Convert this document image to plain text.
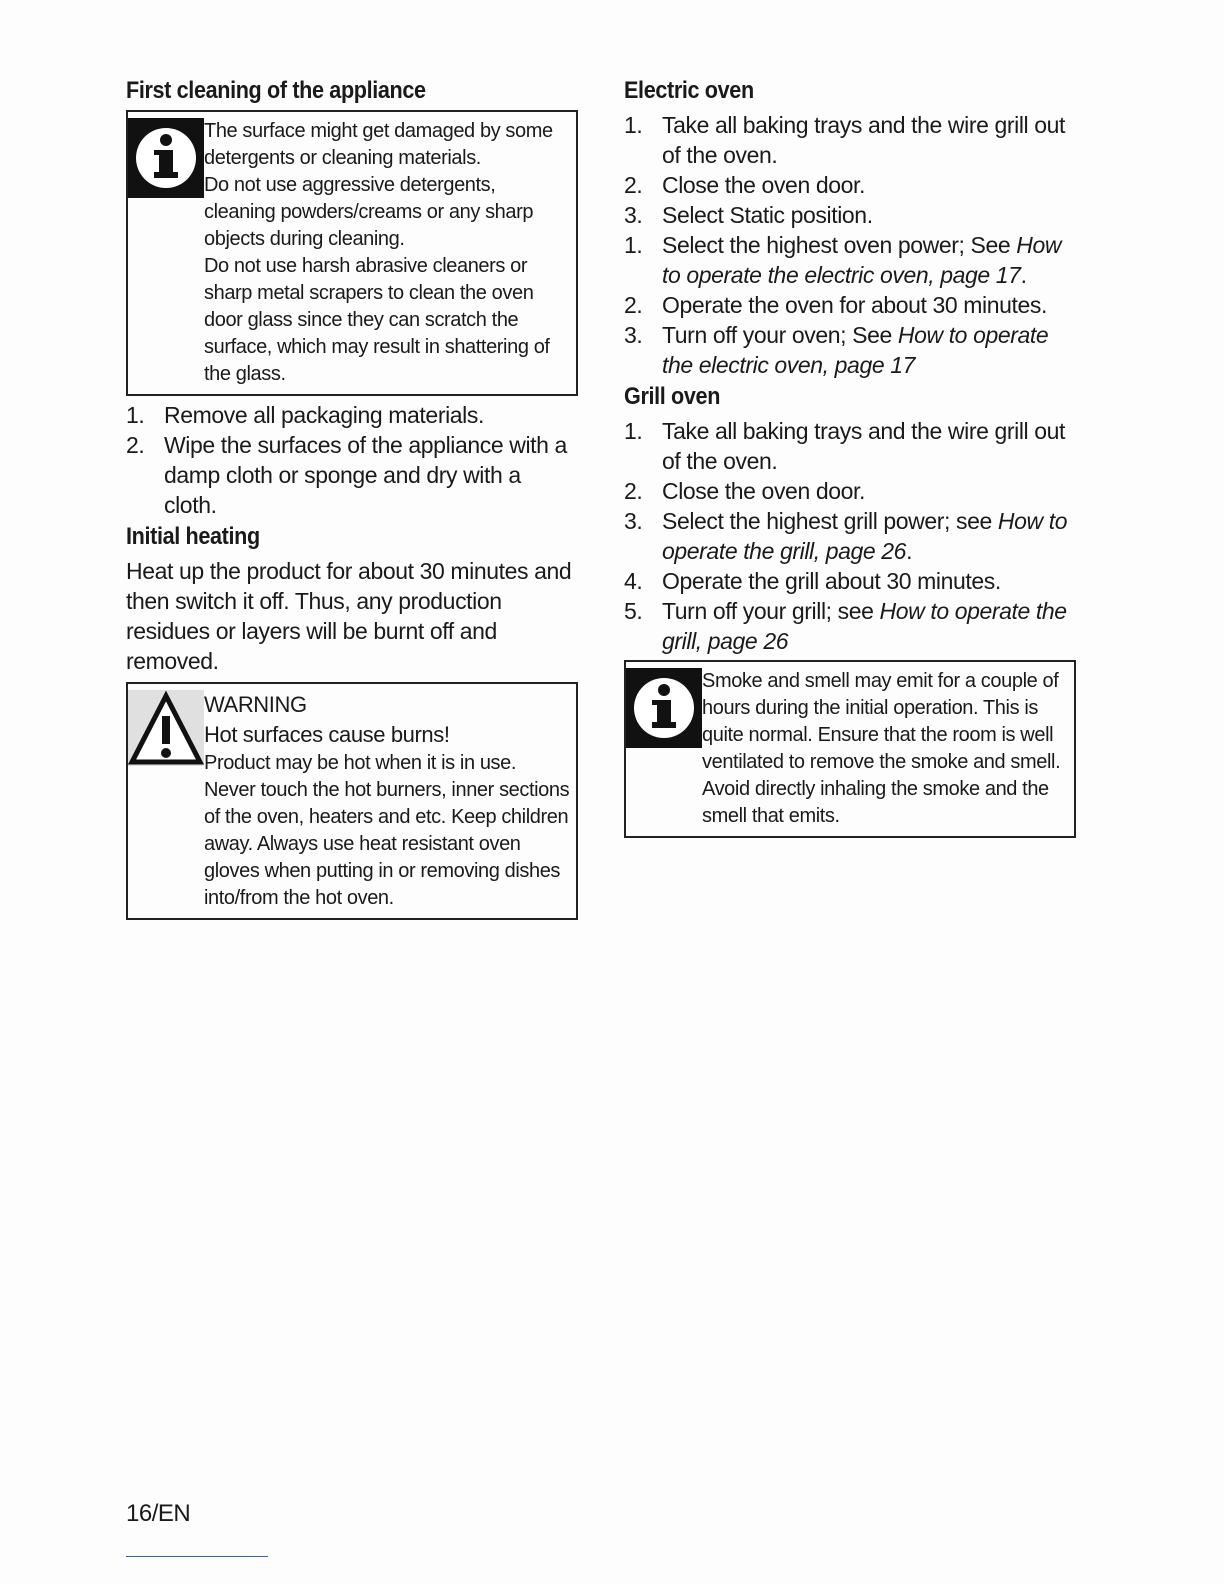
First cleaning of the appliance

The surface might get damaged by some detergents or cleaning materials.

Do not use aggressive detergents, cleaning powders/creams or any sharp objects during cleaning.

Do not use harsh abrasive cleaners or sharp metal scrapers to clean the oven door glass since they can scratch the surface, which may result in shattering of the glass.

1. Remove all packaging materials.
2. Wipe the surfaces of the appliance with a damp cloth or sponge and dry with a cloth.
Initial heating

Heat up the product for about 30 minutes and then switch it off. Thus, any production residues or layers will be burnt off and removed.

WARNING

Hot surfaces cause burns!

Product may be hot when it is in use. Never touch the hot burners, inner sections of the oven, heaters and etc. Keep children away. Always use heat resistant oven gloves when putting in or removing dishes into/from the hot oven.

Electric oven
1. Take all baking trays and the wire grill out of the oven.
2. Close the oven door.
3. Select Static position.
1. Select the highest oven power; See How to operate the electric oven, page 17.
2. Operate the oven for about 30 minutes.
3. Turn off your oven; See How to operate the electric oven, page 17
Grill oven
1. Take all baking trays and the wire grill out of the oven.
2. Close the oven door.
3. Select the highest grill power; see How to operate the grill, page 26.
4. Operate the grill about 30 minutes.
5. Turn off your grill; see How to operate the grill, page 26

Smoke and smell may emit for a couple of hours during the initial operation. This is quite normal. Ensure that the room is well ventilated to remove the smoke and smell. Avoid directly inhaling the smoke and the smell that emits.

16/EN
